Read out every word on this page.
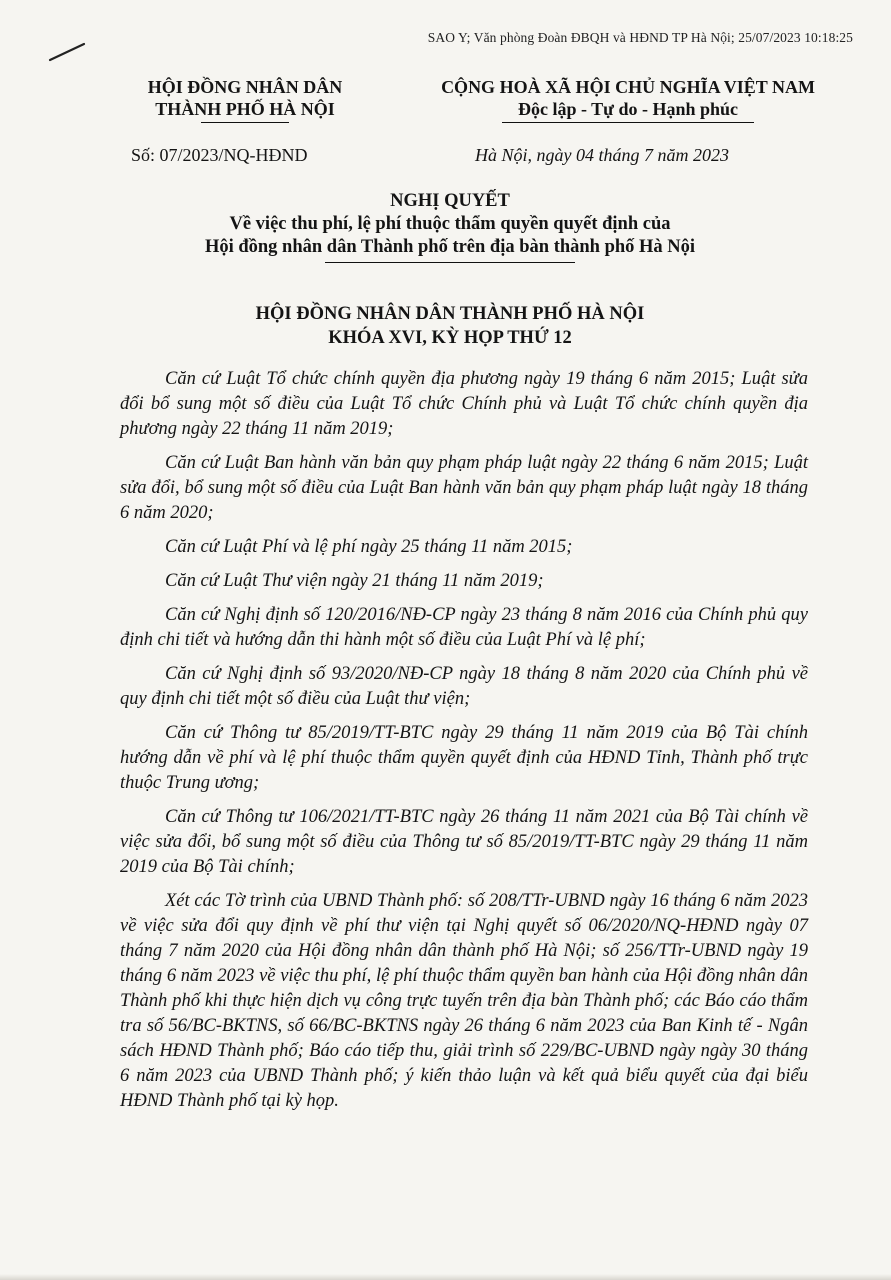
SAO Y; Văn phòng Đoàn ĐBQH và HĐND TP Hà Nội; 25/07/2023 10:18:25
HỘI ĐỒNG NHÂN DÂN
THÀNH PHỐ HÀ NỘI
CỘNG HOÀ XÃ HỘI CHỦ NGHĨA VIỆT NAM
Độc lập - Tự do - Hạnh phúc
Số: 07/2023/NQ-HĐND	Hà Nội, ngày 04 tháng 7 năm 2023
NGHỊ QUYẾT
Về việc thu phí, lệ phí thuộc thẩm quyền quyết định của
Hội đồng nhân dân Thành phố trên địa bàn thành phố Hà Nội
HỘI ĐỒNG NHÂN DÂN THÀNH PHỐ HÀ NỘI
KHÓA XVI, KỲ HỌP THỨ 12

Căn cứ Luật Tổ chức chính quyền địa phương ngày 19 tháng 6 năm 2015; Luật sửa đổi bổ sung một số điều của Luật Tổ chức Chính phủ và Luật Tổ chức chính quyền địa phương ngày 22 tháng 11 năm 2019;

Căn cứ Luật Ban hành văn bản quy phạm pháp luật ngày 22 tháng 6 năm 2015; Luật sửa đổi, bổ sung một số điều của Luật Ban hành văn bản quy phạm pháp luật ngày 18 tháng 6 năm 2020;

Căn cứ Luật Phí và lệ phí ngày 25 tháng 11 năm 2015;

Căn cứ Luật Thư viện ngày 21 tháng 11 năm 2019;

Căn cứ Nghị định số 120/2016/NĐ-CP ngày 23 tháng 8 năm 2016 của Chính phủ quy định chi tiết và hướng dẫn thi hành một số điều của Luật Phí và lệ phí;

Căn cứ Nghị định số 93/2020/NĐ-CP ngày 18 tháng 8 năm 2020 của Chính phủ về quy định chi tiết một số điều của Luật thư viện;

Căn cứ Thông tư 85/2019/TT-BTC ngày 29 tháng 11 năm 2019 của Bộ Tài chính hướng dẫn về phí và lệ phí thuộc thẩm quyền quyết định của HĐND Tỉnh, Thành phố trực thuộc Trung ương;

Căn cứ Thông tư 106/2021/TT-BTC ngày 26 tháng 11 năm 2021 của Bộ Tài chính về việc sửa đổi, bổ sung một số điều của Thông tư số 85/2019/TT-BTC ngày 29 tháng 11 năm 2019 của Bộ Tài chính;

Xét các Tờ trình của UBND Thành phố: số 208/TTr-UBND ngày 16 tháng 6 năm 2023 về việc sửa đổi quy định về phí thư viện tại Nghị quyết số 06/2020/NQ-HĐND ngày 07 tháng 7 năm 2020 của Hội đồng nhân dân thành phố Hà Nội; số 256/TTr-UBND ngày 19 tháng 6 năm 2023 về việc thu phí, lệ phí thuộc thẩm quyền ban hành của Hội đồng nhân dân Thành phố khi thực hiện dịch vụ công trực tuyến trên địa bàn Thành phố; các Báo cáo thẩm tra số 56/BC-BKTNS, số 66/BC-BKTNS ngày 26 tháng 6 năm 2023 của Ban Kinh tế - Ngân sách HĐND Thành phố; Báo cáo tiếp thu, giải trình số 229/BC-UBND ngày ngày 30 tháng 6 năm 2023 của UBND Thành phố; ý kiến thảo luận và kết quả biểu quyết của đại biểu HĐND Thành phố tại kỳ họp.
